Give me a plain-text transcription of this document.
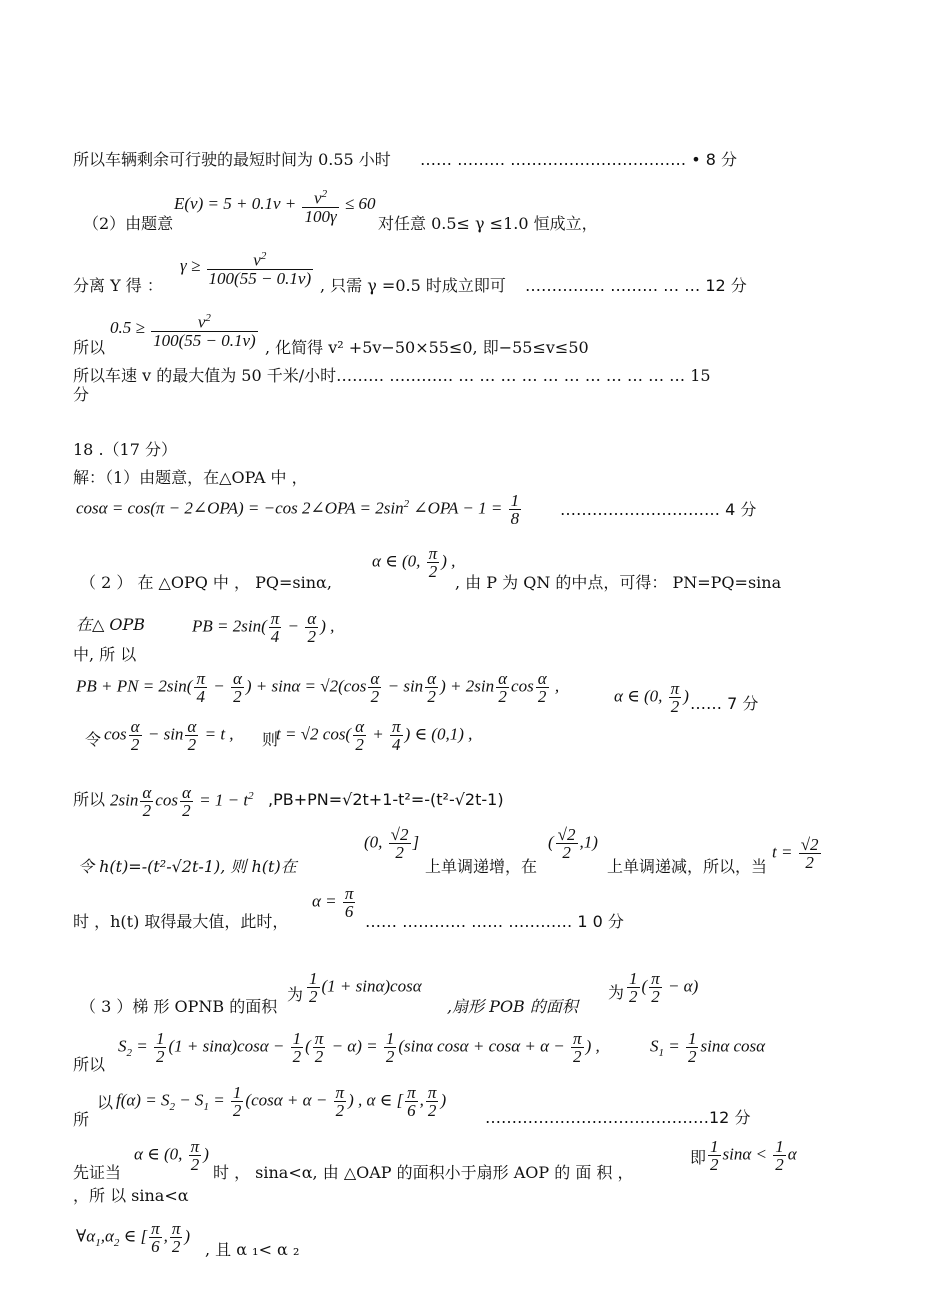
所以车辆剩余可行驶的最短时间为 0.55 小时 …… ……… …………………………… • 8 分
（2）由题意
$E(v) = 5 + 0.1v + \frac{v^2}{100\gamma} \le 60$
对任意 0.5≤ γ ≤1.0 恒成立，
分离 Y 得 ：
$\gamma \ge \frac{v^2}{100(55 - 0.1v)}$ , 只需 γ =0.5 时成立即可 …………… ……… … … 12 分
所以
$0.5 \ge \frac{v^2}{100(55 - 0.1v)}$ , 化简得 v² +5v−50×55≤0, 即−55≤v≤50
所以车速 v 的最大值为 50 千米/小时……… ………… … … … … … … … … … … … 15
分
18 .（17 分）
解：（1）由题意，在△OPA 中 ，
cosα = cos(π − 2∠OPA) = −cos 2∠OPA = $2\sin^2$ ∠OPA − $1 = \frac{1}{8}$ ………………………… 4 分
（ 2 ） 在 △OPQ 中 ， PQ=sinα,
α ∈ (0, $\frac{\pi}{2}$ ) ,
, 由 P 为 QN 的中点，可得： PN=PQ=sina
在△ OPB	PB = $2\sin( \frac{\pi}{4} - \frac{\alpha}{2}$ ) ,
中, 所 以
PB + PN = $2\sin( \frac{\pi}{4} - \frac{\alpha}{2}$ ) + $\sin\alpha = √2(\cos \frac{\alpha}{2} - \sin \frac{\alpha}{2}$ ) + $2\sin \frac{\alpha}{2}$ $\cos \frac{\alpha}{2}$ ,
α ∈ (0, $\frac{\pi}{2}$ ) …… 7 分
令 $\cos \frac{\alpha}{2} - \sin \frac{\alpha}{2} = t$ , 则
t = √2 $\cos( \frac{\alpha}{2} + \frac{\pi}{4}$ ) ∈ (0,1) ,
所以 $2\sin \frac{\alpha}{2}$ $\cos \frac{\alpha}{2} = 1 - t^2$ ,PB+PN=√2t+1-t²=-(t²-√2t-1)
令 h(t)=-(t²-√2t-1), 则 h(t)在
(0, $\frac{√2}{2}$ ]
上单调递增，在
( $\frac{√2}{2} ,1$)
上单调递减，所以，当
$t = \frac{√2}{2}$
时 ，h(t) 取得最大值，此时，
$\alpha = \frac{\pi}{6}$
…… ………… …… ………… 1 0 分
（ 3 ）梯 形 OPNB 的面积
为 $\frac{1}{2} (1 + \sin\alpha)\cos\alpha$
,扇形 POB 的面积
为 $\frac{1}{2}$ ( $\frac{\pi}{2} - \alpha$)
所以
$S_2 = \frac{1}{2} (1 + \sin\alpha)\cos\alpha - \frac{1}{2}$ ( $\frac{\pi}{2} - \alpha) = \frac{1}{2} (\sin\alpha$ $\cos\alpha + \cos\alpha + \alpha - \frac{\pi}{2}$ ) ,	$S_1 = \frac{1}{2}$ sinα cosα
所
以 $f(\alpha) = S_2 - S_1 = \frac{1}{2} (\cos\alpha + \alpha - \frac{\pi}{2}$ ) , α ∈ [ $\frac{\pi}{6}$ , $\frac{\pi}{2}$ )
……………………………………12 分
先证当
α ∈ (0, $\frac{\pi}{2}$ )
时 ， sina<α, 由 △OAP 的面积小于扇形 AOP 的 面 积 ，
即 $\frac{1}{2}$ $\sin\alpha < \frac{1}{2}$ α
，所 以 sina<α
$\forall\alpha_1,\alpha_2$ ∈ [ $\frac{\pi}{6}$ , $\frac{\pi}{2}$ )
, 且 α ₁< α ₂
